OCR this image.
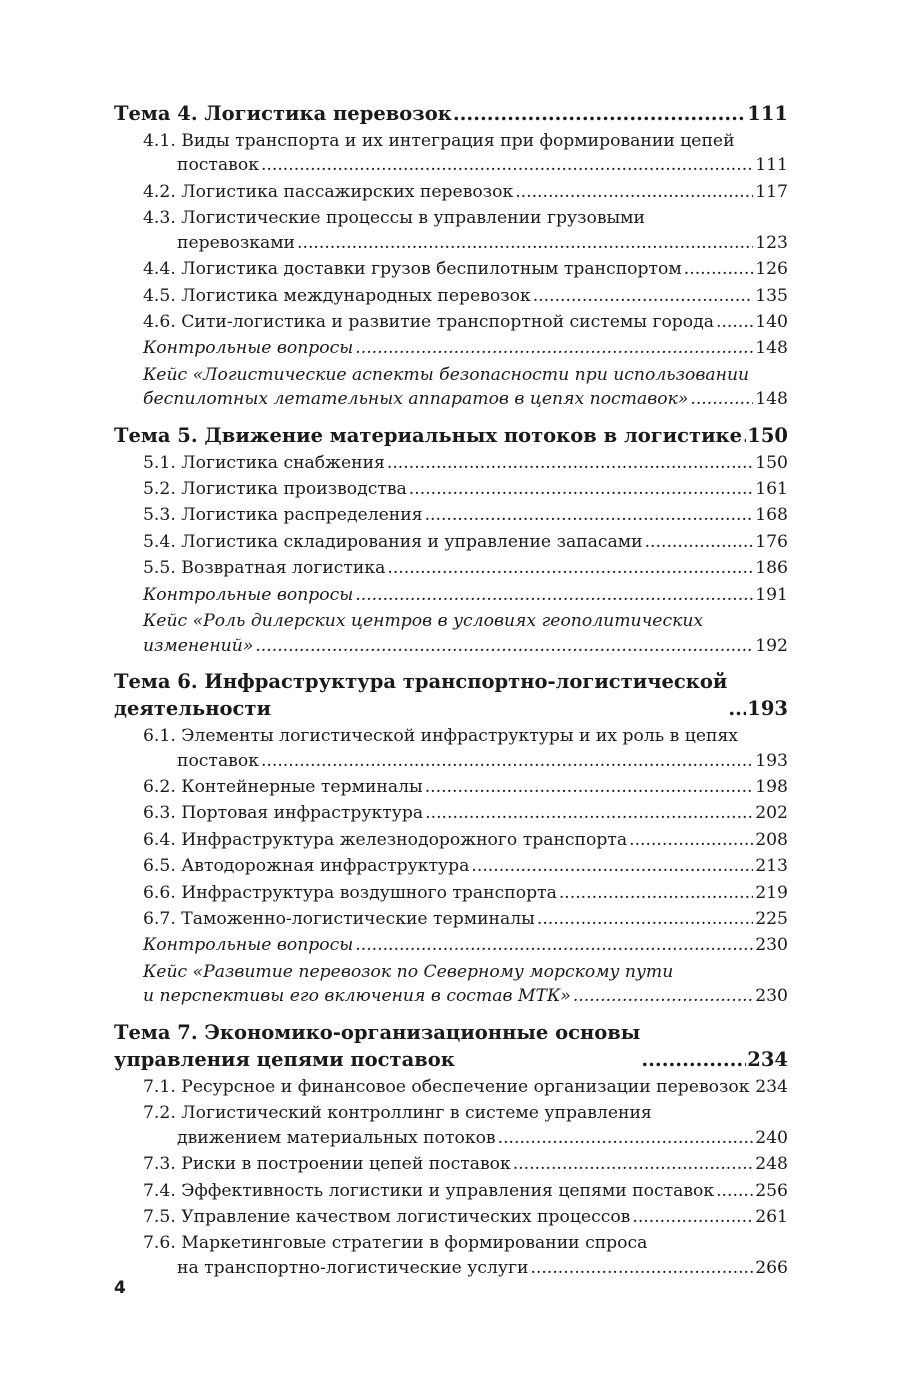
Тема 4. Логистика перевозок .....	111
4.1. Виды транспорта и их интеграция при формировании цепей
поставок .....	111
4.2. Логистика пассажирских перевозок .....	117
4.3. Логистические процессы в управлении грузовыми
перевозками .....	123
4.4. Логистика доставки грузов беспилотным транспортом .....	126
4.5. Логистика международных перевозок .....	135
4.6. Сити-логистика и развитие транспортной системы города ..... 140
Контрольные вопросы .....	148
Кейс «Логистические аспекты безопасности при использовании
беспилотных летательных аппаратов в цепях поставок» .....	148
Тема 5. Движение материальных потоков в логистике ..... 150
5.1. Логистика снабжения .....	150
5.2. Логистика производства .....	161
5.3. Логистика распределения .....	168
5.4. Логистика складирования и управление запасами .....	176
5.5. Возвратная логистика .....	186
Контрольные вопросы .....	191
Кейс «Роль дилерских центров в условиях геополитических
изменений» .....	192
Тема 6. Инфраструктура транспортно-логистической
деятельности .....	193
6.1. Элементы логистической инфраструктуры и их роль в цепях
поставок .....	193
6.2. Контейнерные терминалы .....	198
6.3. Портовая инфраструктура .....	202
6.4. Инфраструктура железнодорожного транспорта .....	208
6.5. Автодорожная инфраструктура .....	213
6.6. Инфраструктура воздушного транспорта .....	219
6.7. Таможенно-логистические терминалы .....	225
Контрольные вопросы .....	230
Кейс «Развитие перевозок по Северному морскому пути
и перспективы его включения в состав МТК» .....	230
Тема 7. Экономико-организационные основы
управления цепями поставок .....	234
7.1. Ресурсное и финансовое обеспечение организации перевозок ..... 234
7.2. Логистический контроллинг в системе управления
движением материальных потоков .....	240
7.3. Риски в построении цепей поставок .....	248
7.4. Эффективность логистики и управления цепями поставок ..... 256
7.5. Управление качеством логистических процессов .....	261
7.6. Маркетинговые стратегии в формировании спроса
на транспортно-логистические услуги .....	266
4
